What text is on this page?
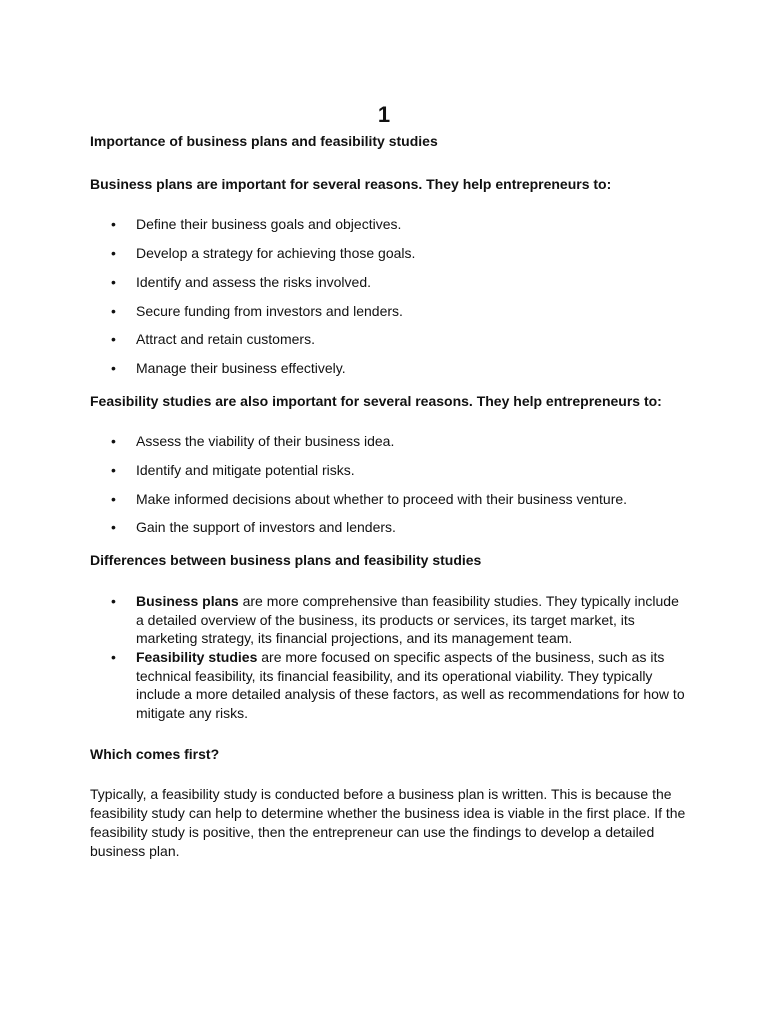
1

Importance of business plans and feasibility studies

Business plans are important for several reasons. They help entrepreneurs to:

• Define their business goals and objectives.
• Develop a strategy for achieving those goals.
• Identify and assess the risks involved.
• Secure funding from investors and lenders.
• Attract and retain customers.
• Manage their business effectively.

Feasibility studies are also important for several reasons. They help entrepreneurs to:

• Assess the viability of their business idea.
• Identify and mitigate potential risks.
• Make informed decisions about whether to proceed with their business venture.
• Gain the support of investors and lenders.

Differences between business plans and feasibility studies

• Business plans are more comprehensive than feasibility studies. They typically include a detailed overview of the business, its products or services, its target market, its marketing strategy, its financial projections, and its management team.
• Feasibility studies are more focused on specific aspects of the business, such as its technical feasibility, its financial feasibility, and its operational viability. They typically include a more detailed analysis of these factors, as well as recommendations for how to mitigate any risks.

Which comes first?

Typically, a feasibility study is conducted before a business plan is written. This is because the feasibility study can help to determine whether the business idea is viable in the first place. If the feasibility study is positive, then the entrepreneur can use the findings to develop a detailed business plan.
